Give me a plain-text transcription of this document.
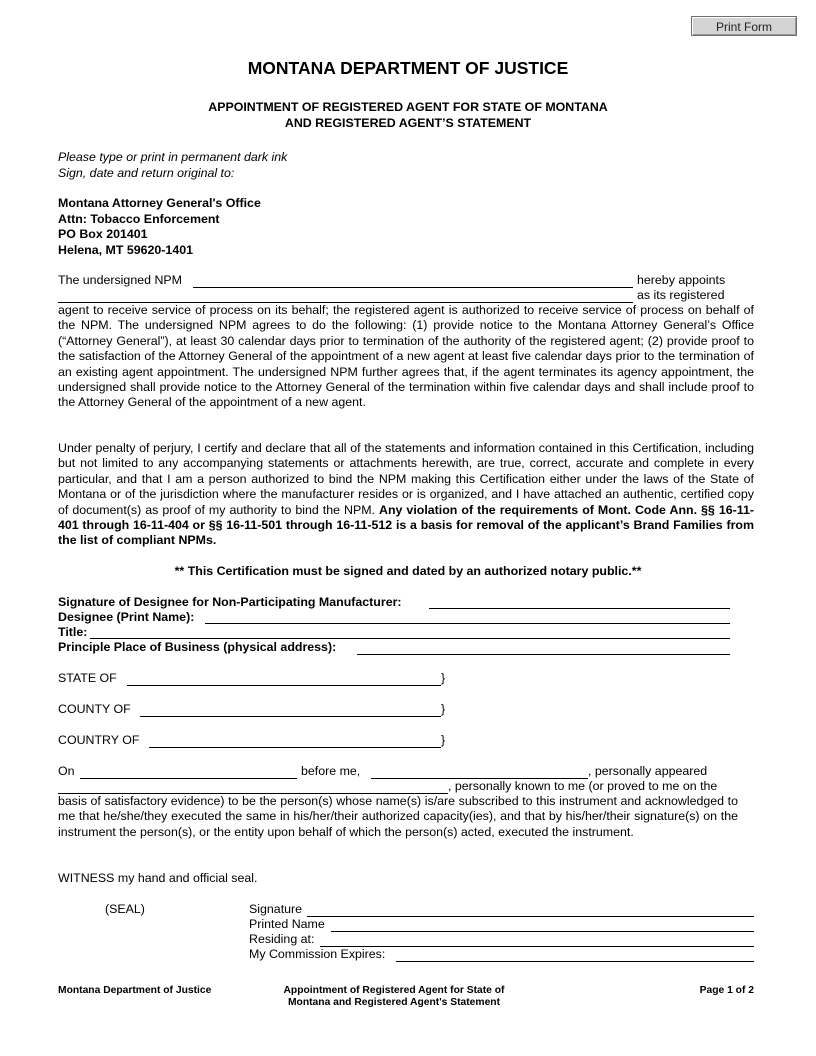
Print Form
MONTANA DEPARTMENT OF JUSTICE
APPOINTMENT OF REGISTERED AGENT FOR STATE OF MONTANA
AND REGISTERED AGENT’S STATEMENT
Please type or print in permanent dark ink
Sign, date and return original to:
Montana Attorney General's Office
Attn: Tobacco Enforcement
PO Box 201401
Helena, MT 59620-1401
The undersigned NPM	hereby appoints
as its registered
agent to receive service of process on its behalf; the registered agent is authorized to receive service of process on behalf of the NPM. The undersigned NPM agrees to do the following: (1) provide notice to the Montana Attorney General’s Office (“Attorney General”), at least 30 calendar days prior to termination of the authority of the registered agent; (2) provide proof to the satisfaction of the Attorney General of the appointment of a new agent at least five calendar days prior to the termination of an existing agent appointment. The undersigned NPM further agrees that, if the agent terminates its agency appointment, the undersigned shall provide notice to the Attorney General of the termination within five calendar days and shall include proof to the Attorney General of the appointment of a new agent.
Under penalty of perjury, I certify and declare that all of the statements and information contained in this Certification, including but not limited to any accompanying statements or attachments herewith, are true, correct, accurate and complete in every particular, and that I am a person authorized to bind the NPM making this Certification either under the laws of the State of Montana or of the jurisdiction where the manufacturer resides or is organized, and I have attached an authentic, certified copy of document(s) as proof of my authority to bind the NPM. Any violation of the requirements of Mont. Code Ann. §§ 16-11-401 through 16-11-404 or §§ 16-11-501 through 16-11-512 is a basis for removal of the applicant’s Brand Families from the list of compliant NPMs.
** This Certification must be signed and dated by an authorized notary public.**
Signature of Designee for Non-Participating Manufacturer:
Designee (Print Name):
Title:
Principle Place of Business (physical address):
STATE OF	}
COUNTY OF	}
COUNTRY OF	}
On	before me,	, personally appeared
, personally known to me (or proved to me on the
basis of satisfactory evidence) to be the person(s) whose name(s) is/are subscribed to this instrument and acknowledged to me that he/she/they executed the same in his/her/their authorized capacity(ies), and that by his/her/their signature(s) on the instrument the person(s), or the entity upon behalf of which the person(s) acted, executed the instrument.
WITNESS my hand and official seal.
(SEAL)	Signature
Printed Name
Residing at:
My Commission Expires:
Montana Department of Justice	Appointment of Registered Agent for State of
Montana and Registered Agent's Statement
Page 1 of 2
